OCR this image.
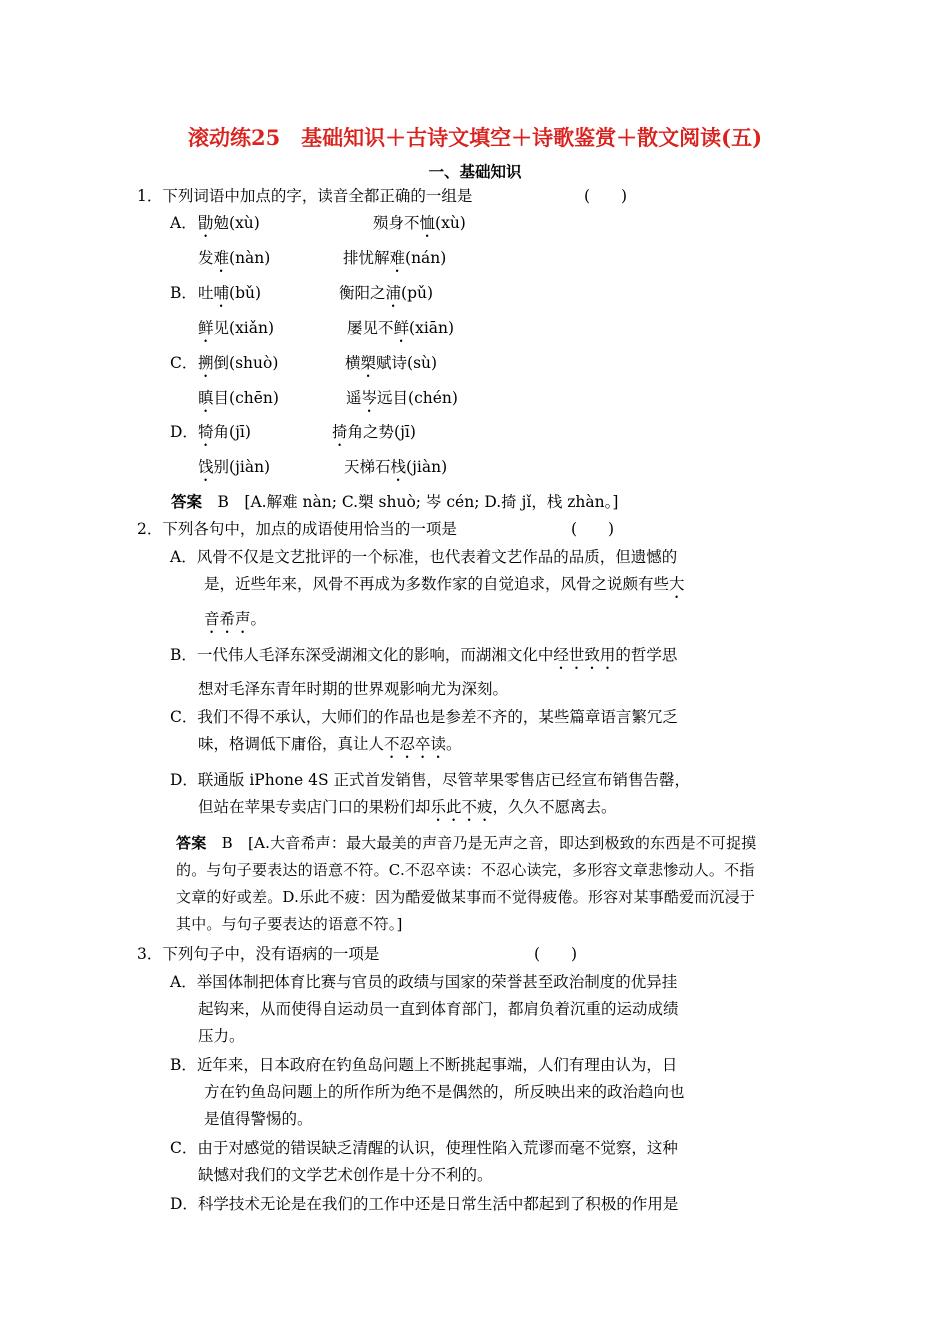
滚动练25　基础知识＋古诗文填空＋诗歌鉴赏＋散文阅读(五)
一、基础知识
1．下列词语中加点的字，读音全都正确的一组是	(　　)
A． 勖勉(xù)	殒身不恤(xù)
发难(nàn)	排忧解难(nán)
B． 吐哺(bǔ)	衡阳之浦(pǔ)
鲜见(xiǎn)	屡见不鲜(xiān)
C． 搠倒(shuò)	横槊赋诗(sù)
瞋目(chēn)	遥岑远目(chén)
D． 犄角(jī)	掎角之势(jī)
饯别(jiàn)	天梯石栈(jiàn)
答案　 B　[A.解难 nàn; C.槊 shuò; 岑 cén; D.掎 jǐ，栈 zhàn。]
2．下列各句中，加点的成语使用恰当的一项是	(　　)
A．风骨不仅是文艺批评的一个标准，也代表着文艺作品的品质，但遗憾的
是，近些年来，风骨不再成为多数作家的自觉追求，风骨之说颇有些大
音希声。
B．一代伟人毛泽东深受湖湘文化的影响，而湖湘文化中经世致用的哲学思
想对毛泽东青年时期的世界观影响尤为深刻。
C．我们不得不承认，大师们的作品也是参差不齐的，某些篇章语言繁冗乏
味，格调低下庸俗，真让人不忍卒读。
D．联通版 iPhone 4S 正式首发销售，尽管苹果零售店已经宣布销售告罄，
但站在苹果专卖店门口的果粉们却乐此不疲，久久不愿离去。
答案　 B　[A.大音希声：最大最美的声音乃是无声之音，即达到极致的东西是不可捉摸
的。与句子要表达的语意不符。C.不忍卒读：不忍心读完，多形容文章悲惨动人。不指
文章的好或差。D.乐此不疲：因为酷爱做某事而不觉得疲倦。形容对某事酷爱而沉浸于
其中。与句子要表达的语意不符。]
3．下列句子中，没有语病的一项是	(　　)
A．举国体制把体育比赛与官员的政绩与国家的荣誉甚至政治制度的优异挂
起钩来，从而使得自运动员一直到体育部门，都肩负着沉重的运动成绩
压力。
B．近年来，日本政府在钓鱼岛问题上不断挑起事端，人们有理由认为，日
方在钓鱼岛问题上的所作所为绝不是偶然的，所反映出来的政治趋向也
是值得警惕的。
C．由于对感觉的错误缺乏清醒的认识，使理性陷入荒谬而毫不觉察，这种
缺憾对我们的文学艺术创作是十分不利的。
D．科学技术无论是在我们的工作中还是日常生活中都起到了积极的作用是
